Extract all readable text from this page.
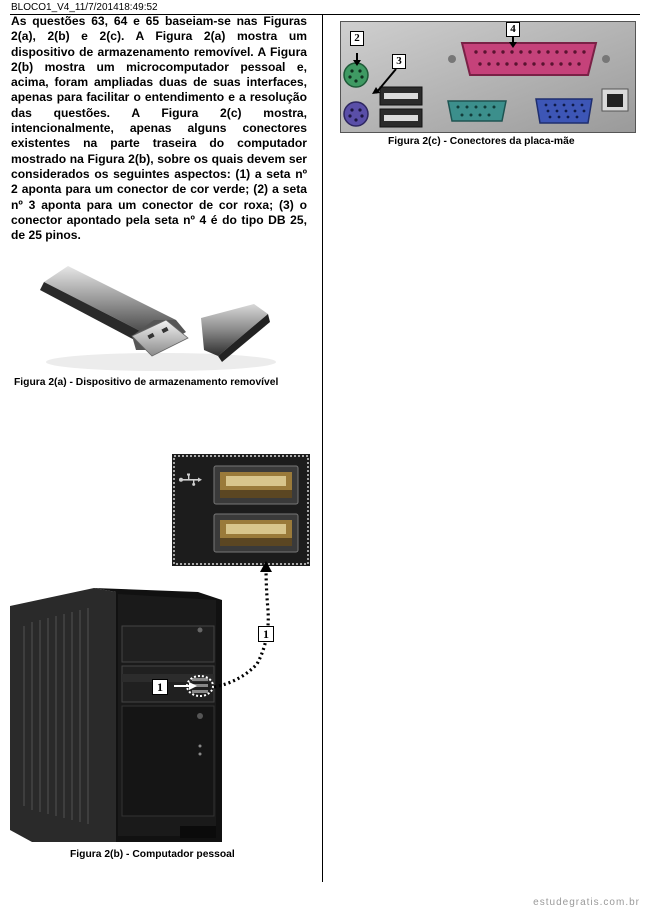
BLOCO1_V4_11/7/201418:49:52
As questões 63, 64 e 65 baseiam-se nas Figuras 2(a), 2(b) e 2(c). A Figura 2(a) mostra um dispositivo de armazenamento removível. A Figura 2(b) mostra um microcomputador pessoal e, acima, foram ampliadas duas de suas interfaces, apenas para facilitar o entendimento e a resolução das questões. A Figura 2(c) mostra, intencionalmente, apenas alguns conectores existentes na parte traseira do computador mostrado na Figura 2(b), sobre os quais devem ser considerados os seguintes aspectos: (1) a seta nº 2 aponta para um conector de cor verde; (2) a seta nº 3 aponta para um conector de cor roxa; (3) o conector apontado pela seta nº 4 é do tipo DB 25, de 25 pinos.
Figura 2(a) - Dispositivo de armazenamento removível
1
1
Figura 2(b) - Computador pessoal
2
3
4
Figura 2(c) - Conectores da placa-mãe
estudegratis.com.br
